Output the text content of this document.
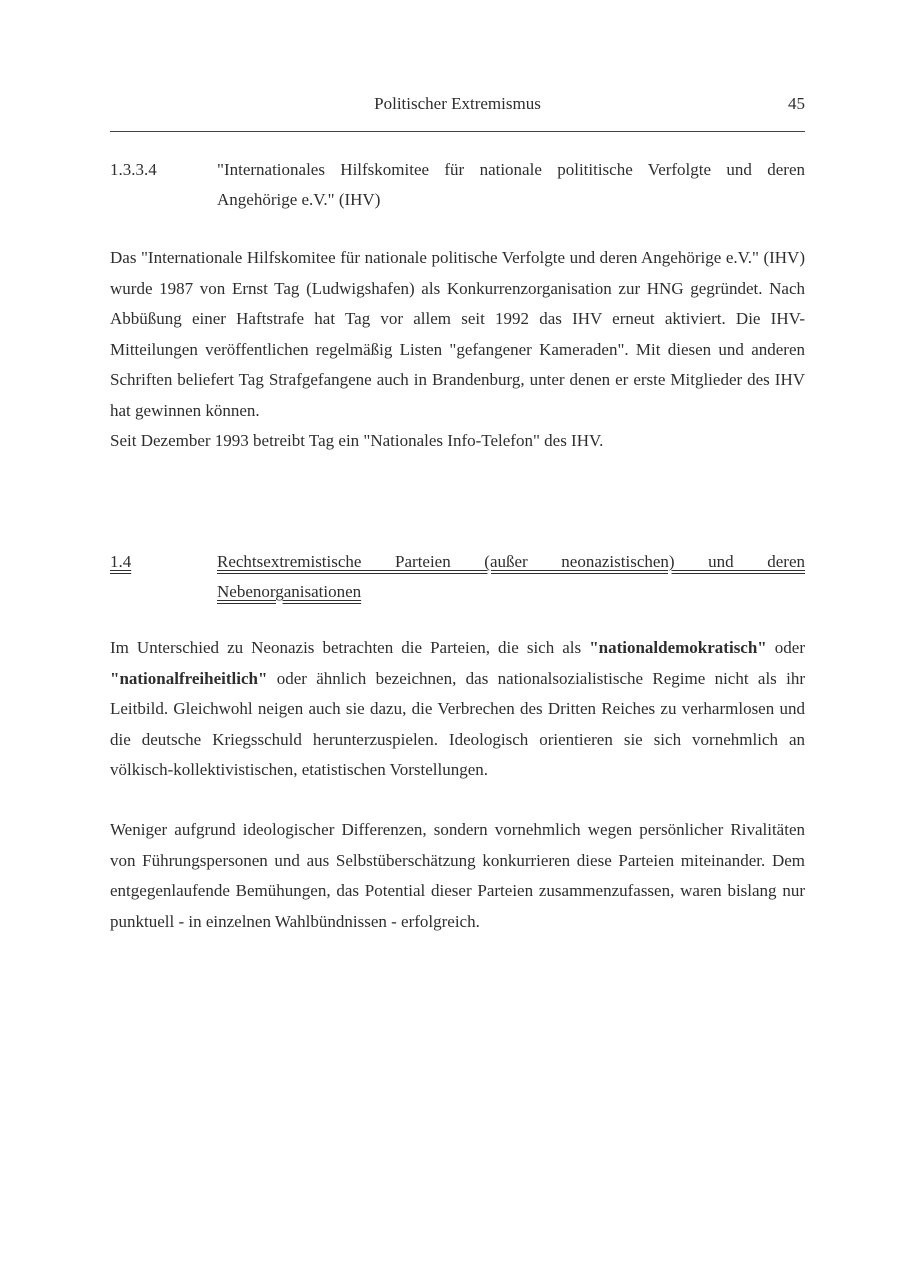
Politischer Extremismus	45
1.3.3.4	"Internationales Hilfskomitee für nationale polititische Verfolgte und deren Angehörige e.V." (IHV)

Das "Internationale Hilfskomitee für nationale politische Verfolgte und deren Angehörige e.V." (IHV) wurde 1987 von Ernst Tag (Ludwigshafen) als Konkurrenzorganisation zur HNG gegründet. Nach Abbüßung einer Haftstrafe hat Tag vor allem seit 1992 das IHV erneut aktiviert. Die IHV-Mitteilungen veröffentlichen regelmäßig Listen "gefangener Kameraden". Mit diesen und anderen Schriften beliefert Tag Strafgefangene auch in Brandenburg, unter denen er erste Mitglieder des IHV hat gewinnen können.
Seit Dezember 1993 betreibt Tag ein "Nationales Info-Telefon" des IHV.

1.4	Rechtsextremistische Parteien (außer neonazistischen) und deren Nebenorganisationen

Im Unterschied zu Neonazis betrachten die Parteien, die sich als "nationaldemokratisch" oder "nationalfreiheitlich" oder ähnlich bezeichnen, das nationalsozialistische Regime nicht als ihr Leitbild. Gleichwohl neigen auch sie dazu, die Verbrechen des Dritten Reiches zu verharmlosen und die deutsche Kriegsschuld herunterzuspielen. Ideologisch orientieren sie sich vornehmlich an völkisch-kollektivistischen, etatistischen Vorstellungen.

Weniger aufgrund ideologischer Differenzen, sondern vornehmlich wegen persönlicher Rivalitäten von Führungspersonen und aus Selbstüberschätzung konkurrieren diese Parteien miteinander. Dem entgegenlaufende Bemühungen, das Potential dieser Parteien zusammenzufassen, waren bislang nur punktuell - in einzelnen Wahlbündnissen - erfolgreich.
